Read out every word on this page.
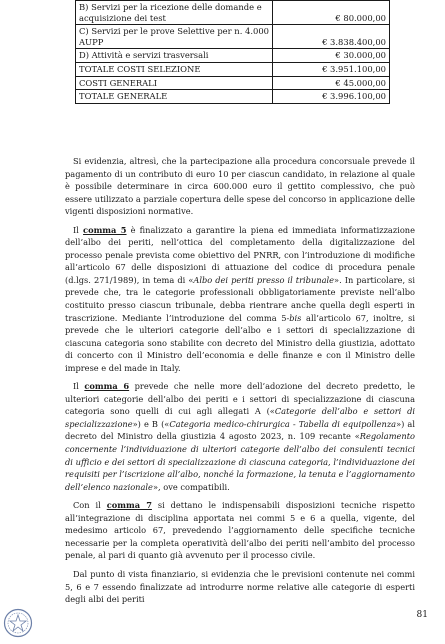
B) Servizi per la ricezione delle domande e acquisizione dei test	€ 80.000,00
C) Servizi per le prove Selettive per n. 4.000 AUPP	€ 3.838.400,00
D) Attività e servizi trasversali	€ 30.000,00
TOTALE COSTI SELEZIONE	€ 3.951.100,00
COSTI GENERALI	€ 45.000,00
TOTALE GENERALE	€ 3.996.100,00

Si evidenzia, altresì, che la partecipazione alla procedura concorsuale prevede il pagamento di un contributo di euro 10 per ciascun candidato, in relazione al quale è possibile determinare in circa 600.000 euro il gettito complessivo, che può essere utilizzato a parziale copertura delle spese del concorso in applicazione delle vigenti disposizioni normative.

Il comma 5 è finalizzato a garantire la piena ed immediata informatizzazione dell’albo dei periti, nell’ottica del completamento della digitalizzazione del processo penale prevista come obiettivo del PNRR, con l’introduzione di modifiche all’articolo 67 delle disposizioni di attuazione del codice di procedura penale (d.lgs. 271/1989), in tema di «Albo dei periti presso il tribunale». In particolare, si prevede che, tra le categorie professionali obbligatoriamente previste nell’albo costituito presso ciascun tribunale, debba rientrare anche quella degli esperti in trascrizione. Mediante l’introduzione del comma 5-bis all’articolo 67, inoltre, si prevede che le ulteriori categorie dell’albo e i settori di specializzazione di ciascuna categoria sono stabilite con decreto del Ministro della giustizia, adottato di concerto con il Ministro dell’economia e delle finanze e con il Ministro delle imprese e del made in Italy.

Il comma 6 prevede che nelle more dell’adozione del decreto predetto, le ulteriori categorie dell’albo dei periti e i settori di specializzazione di ciascuna categoria sono quelli di cui agli allegati A («Categorie dell’albo e settori di specializzazione») e B («Categoria medico-chirurgica - Tabella di equipollenza») al decreto del Ministro della giustizia 4 agosto 2023, n. 109 recante «Regolamento concernente l’individuazione di ulteriori categorie dell’albo dei consulenti tecnici di ufficio e dei settori di specializzazione di ciascuna categoria, l’individuazione dei requisiti per l’iscrizione all’albo, nonché la formazione, la tenuta e l’aggiornamento dell’elenco nazionale», ove compatibili.

Con il comma 7 si dettano le indispensabili disposizioni tecniche rispetto all’integrazione di disciplina apportata nei commi 5 e 6 a quella, vigente, del medesimo articolo 67, prevedendo l’aggiornamento delle specifiche tecniche necessarie per la completa operatività dell’albo dei periti nell’ambito del processo penale, al pari di quanto già avvenuto per il processo civile.

Dal punto di vista finanziario, si evidenzia che le previsioni contenute nei commi 5, 6 e 7 essendo finalizzate ad introdurre norme relative alle categorie di esperti degli albi dei periti

81
